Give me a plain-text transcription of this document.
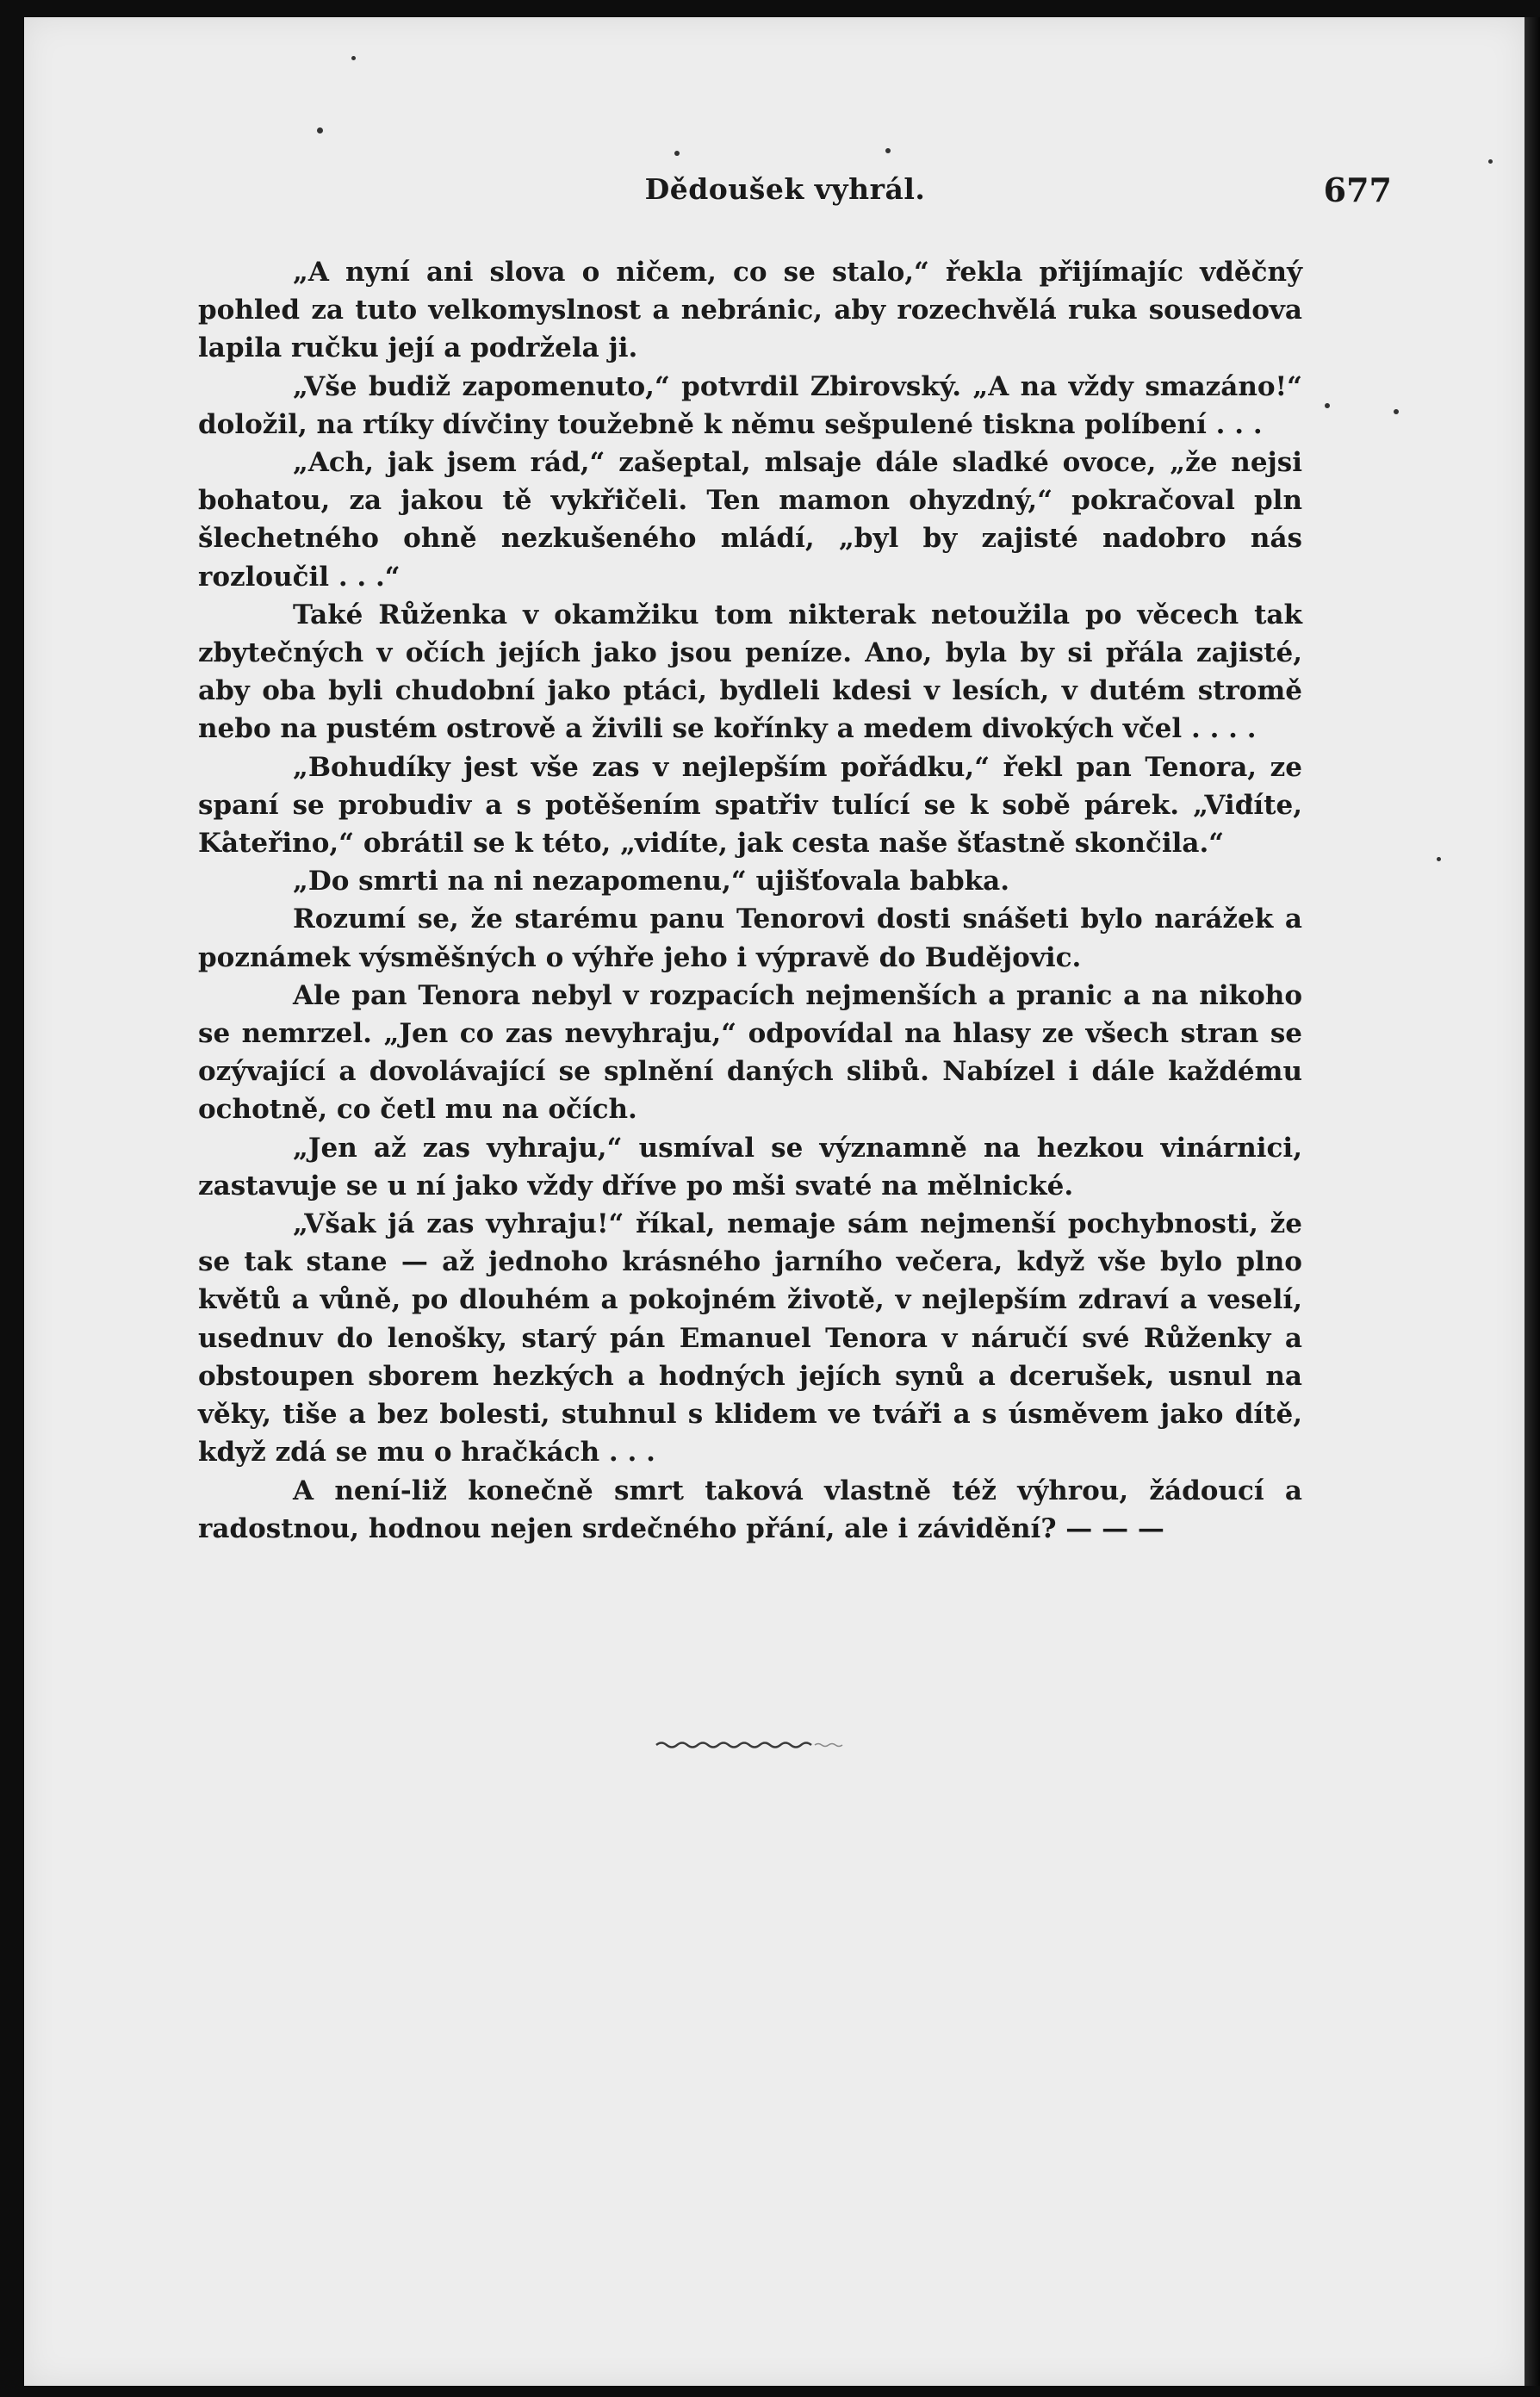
Dědoušek vyhrál.	677

„A nyní ani slova o ničem, co se stalo,“ řekla přijímajíc vděčný pohled za tuto velkomyslnost a nebránic, aby rozechvělá ruka sousedova lapila ručku její a podržela ji.

„Vše budiž zapomenuto,“ potvrdil Zbirovský. „A na vždy smazáno!“ doložil, na rtíky dívčiny toužebně k němu sešpulené tiskna políbení . . .

„Ach, jak jsem rád,“ zašeptal, mlsaje dále sladké ovoce, „že nejsi bohatou, za jakou tě vykřičeli. Ten mamon ohyzdný,“ pokračoval pln šlechetného ohně nezkušeného mládí, „byl by zajisté nadobro nás rozloučil . . .“

Také Růženka v okamžiku tom nikterak netoužila po věcech tak zbytečných v očích jejích jako jsou peníze. Ano, byla by si přála zajisté, aby oba byli chudobní jako ptáci, bydleli kdesi v lesích, v dutém stromě nebo na pustém ostrově a živili se kořínky a medem divokých včel . . . .

„Bohudíky jest vše zas v nejlepším pořádku,“ řekl pan Tenora, ze spaní se probudiv a s potěšením spatřiv tulící se k sobě párek. „Vidíte, Kateřino,“ obrátil se k této, „vidíte, jak cesta naše šťastně skončila.“

„Do smrti na ni nezapomenu,“ ujišťovala babka.

Rozumí se, že starému panu Tenorovi dosti snášeti bylo narážek a poznámek výsměšných o výhře jeho i výpravě do Budějovic.

Ale pan Tenora nebyl v rozpacích nejmenších a pranic a na nikoho se nemrzel. „Jen co zas nevyhraju,“ odpovídal na hlasy ze všech stran se ozývající a dovolávající se splnění daných slibů. Nabízel i dále každému ochotně, co četl mu na očích.

„Jen až zas vyhraju,“ usmíval se významně na hezkou vinárnici, zastavuje se u ní jako vždy dříve po mši svaté na mělnické.

„Však já zas vyhraju!“ říkal, nemaje sám nejmenší pochybnosti, že se tak stane — až jednoho krásného jarního večera, když vše bylo plno květů a vůně, po dlouhém a pokojném životě, v nejlepším zdraví a veselí, usednuv do lenošky, starý pán Emanuel Tenora v náručí své Růženky a obstoupen sborem hezkých a hodných jejích synů a dcerušek, usnul na věky, tiše a bez bolesti, stuhnul s klidem ve tváři a s úsměvem jako dítě, když zdá se mu o hračkách . . .

A není-liž konečně smrt taková vlastně též výhrou, žádoucí a radostnou, hodnou nejen srdečného přání, ale i závidění? — — —
